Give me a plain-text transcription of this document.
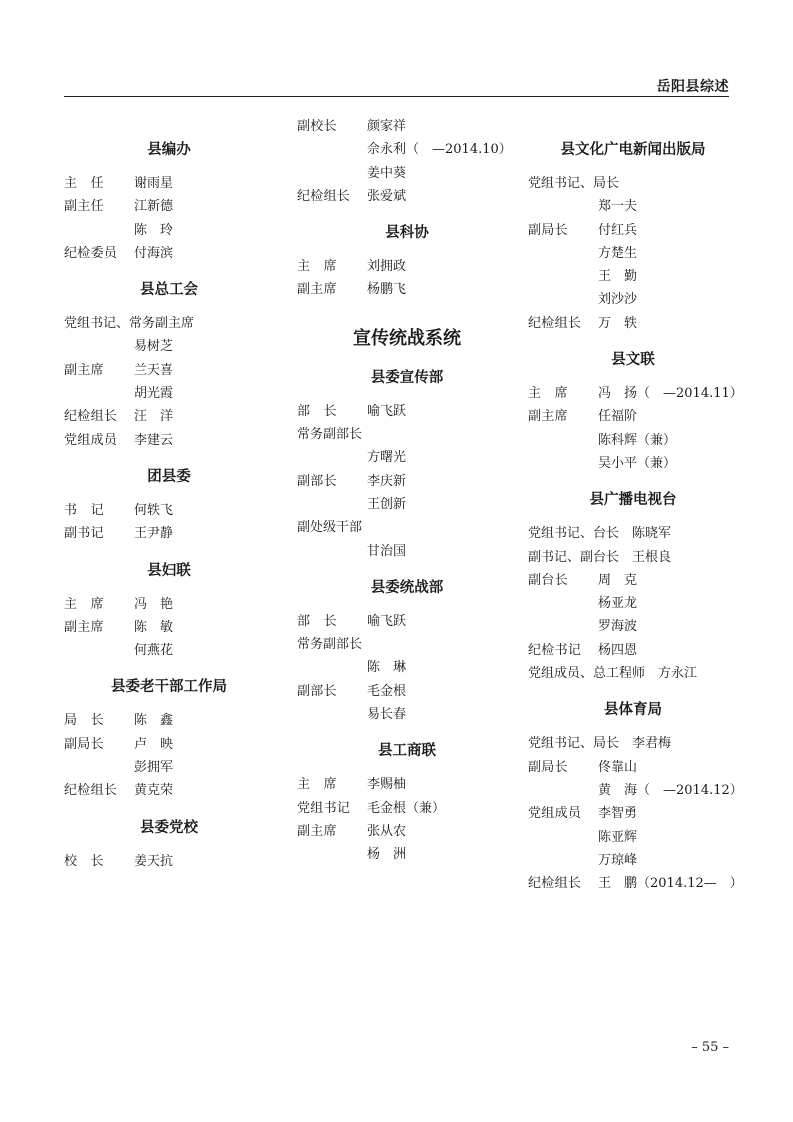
岳阳县综述
县编办
主　任 谢雨星
副主任 江新德
陈　玲
纪检委员 付海滨
县总工会
党组书记、常务副主席
易树芝
副主席 兰天喜
胡光霞
纪检组长 汪　洋
党组成员 李建云
团县委
书　记 何轶飞
副书记 王尹静
县妇联
主　席 冯　艳
副主席 陈　敏
何燕花
县委老干部工作局
局　长 陈　鑫
副局长 卢　映
彭拥军
纪检组长 黄克荣
县委党校
校　长 姜天抗
副校长 颜家祥
佘永利（　—2014.10）
姜中葵
纪检组长 张爱斌
县科协
主　席 刘拥政
副主席 杨鹏飞
宣传统战系统
县委宣传部
部　长 喻飞跃
常务副部长
方曙光
副部长 李庆新
王创新
副处级干部
甘治国
县委统战部
部　长 喻飞跃
常务副部长
陈　琳
副部长 毛金根
易长春
县工商联
主　席 李赐柚
党组书记 毛金根（兼）
副主席 张从农
杨　洲
县文化广电新闻出版局
党组书记、局长
郑一夫
副局长 付红兵
方楚生
王　勤
刘沙沙
纪检组长 万　轶
县文联
主　席 冯　扬（　—2014.11）
副主席 任福阶
陈科辉（兼）
吴小平（兼）
县广播电视台
党组书记、台长　陈晓军
副书记、副台长　王根良
副台长 周　克
杨亚龙
罗海波
纪检书记 杨四恩
党组成员、总工程师　方永江
县体育局
党组书记、局长　李君梅
副局长 佟靠山
黄　海（　—2014.12）
党组成员 李智勇
陈亚辉
万琼峰
纪检组长 王　鹏（2014.12—　）
– 55 –
